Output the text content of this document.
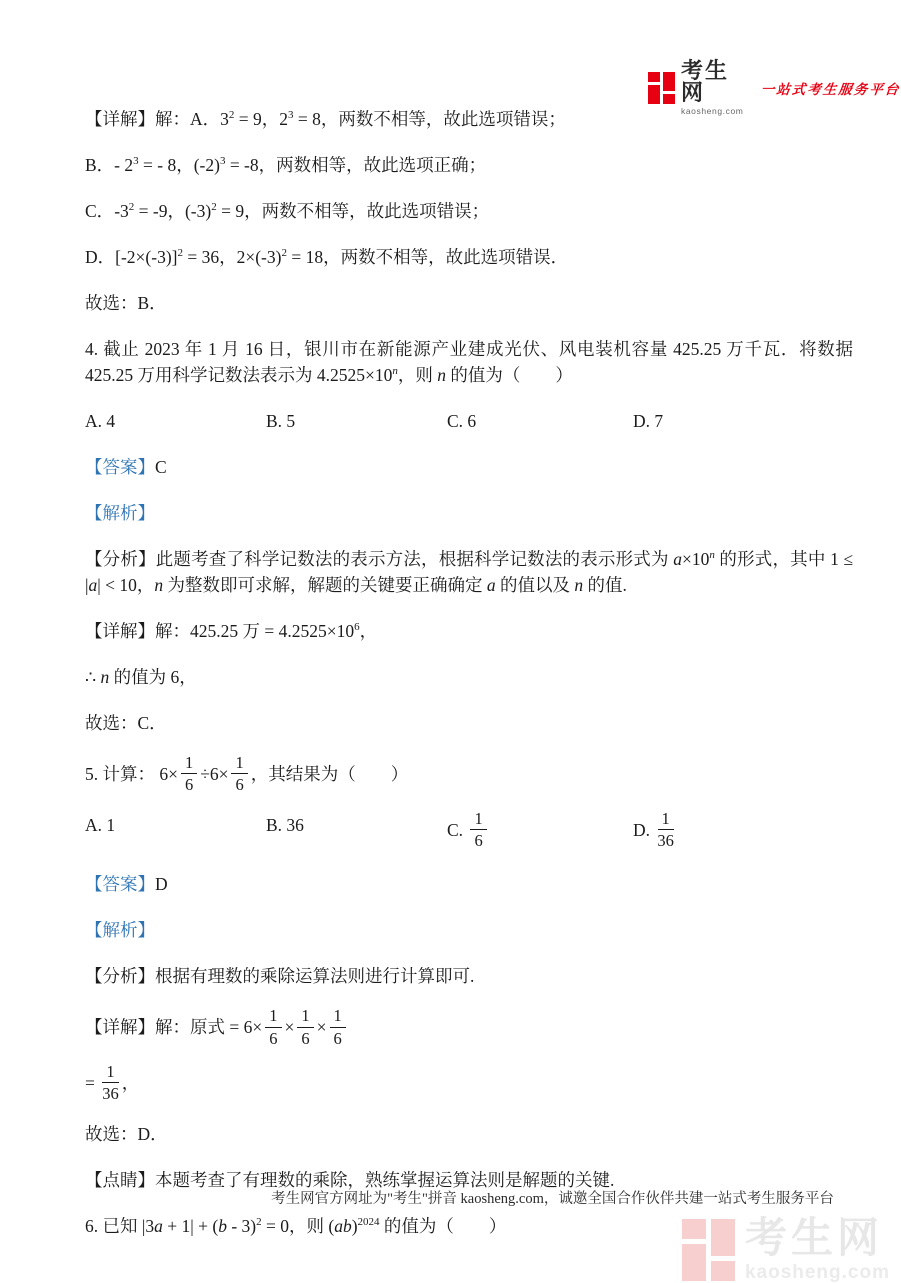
考生网
kaosheng.com
一站式考生服务平台

【详解】解：A．$3^2 = 9$，$2^3 = 8$，两数不相等，故此选项错误；

B．- $2^3$ = - 8，$(-2)^3 = -8$，两数相等，故此选项正确；

C．$-3^2 = -9$，$(-3)^2 = 9$，两数不相等，故此选项错误；

D．$[-2\times(-3)]^2 = 36$，$2\times(-3)^2 = 18$，两数不相等，故此选项错误．

故选：B．

4. 截止 2023 年 1 月 16 日，银川市在新能源产业建成光伏、风电装机容量 425.25 万千瓦．将数据 425.25 万用科学记数法表示为 $4.2525\times 10^n$，则 n 的值为（　　）

A. 4	B. 5	C. 6	D. 7

【答案】C

【解析】

【分析】此题考查了科学记数法的表示方法，根据科学记数法的表示形式为 $a\times 10^n$ 的形式，其中 1 ≤ |a| < 10，n 为整数即可求解，解题的关键要正确确定 a 的值以及 n 的值.

【详解】解：425.25 万 = $4.2525\times 10^6$，

∴ n 的值为 6，

故选：C．

5. 计算： $6\times \frac{1}{6} \div 6\times \frac{1}{6}$ ，其结果为（　　）

A. 1	B. 36	C. $\frac{1}{6}$	D. $\frac{1}{36}$

【答案】D

【解析】

【分析】根据有理数的乘除运算法则进行计算即可.

【详解】解：原式 = $6\times \frac{1}{6} \times \frac{1}{6} \times \frac{1}{6}$

= $\frac{1}{36}$ ，

故选：D．

【点睛】本题考查了有理数的乘除，熟练掌握运算法则是解题的关键.

6. 已知 |3a + 1| + (b - 3)$^2$ = 0，则 (ab)$^{2024}$ 的值为（　　）

考生网官方网址为"考生"拼音 kaosheng.com，诚邀全国合作伙伴共建一站式考生服务平台
考生网
kaosheng.com
